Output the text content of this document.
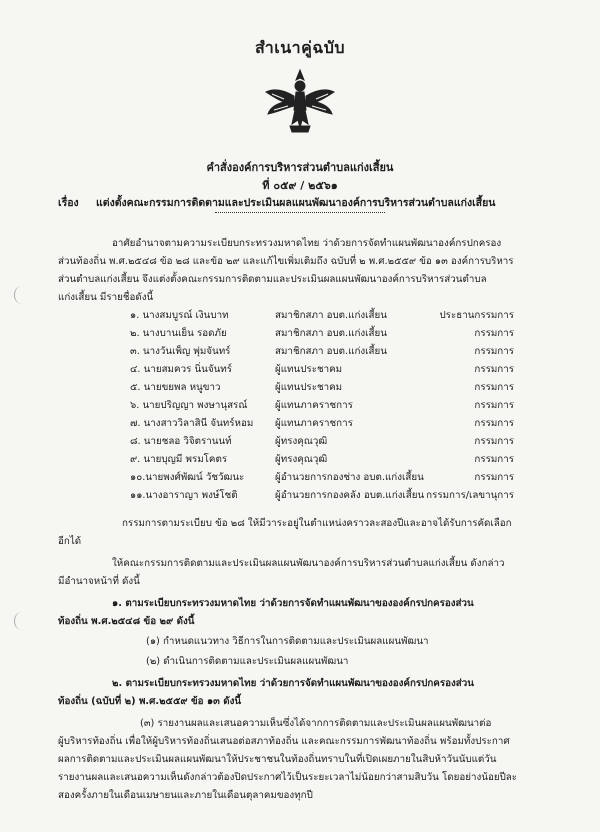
สำเนาคู่ฉบับ
คำสั่งองค์การบริหารส่วนตำบลแก่งเสี้ยน
ที่ ๐๕๙ / ๒๕๖๑
เรื่อง แต่งตั้งคณะกรรมการติดตามและประเมินผลแผนพัฒนาองค์การบริหารส่วนตำบลแก่งเสี้ยน
อาศัยอำนาจตามความระเบียบกระทรวงมหาดไทย ว่าด้วยการจัดทำแผนพัฒนาองค์กรปกครอง
ส่วนท้องถิ่น พ.ศ.๒๕๔๘ ข้อ ๒๘ และข้อ ๒๙ และแก้ไขเพิ่มเติมถึง ฉบับที่ ๒ พ.ศ.๒๕๕๙ ข้อ ๑๓ องค์การบริหาร
ส่วนตำบลแก่งเสี้ยน จึงแต่งตั้งคณะกรรมการติดตามและประเมินผลแผนพัฒนาองค์การบริหารส่วนตำบล
แก่งเสี้ยน มีรายชื่อดังนี้
๑. นางสมบูรณ์ เงินบาท	สมาชิกสภา อบต.แก่งเสี้ยน	ประธานกรรมการ
๒. นางบานเย็น รอดภัย	สมาชิกสภา อบต.แก่งเสี้ยน	กรรมการ
๓. นางวันเพ็ญ พุ่มจันทร์	สมาชิกสภา อบต.แก่งเสี้ยน	กรรมการ
๔. นายสมควร นิ่นจันทร์	ผู้แทนประชาคม	กรรมการ
๕. นายขยพล หนูขาว	ผู้แทนประชาคม	กรรมการ
๖. นายปริญญา พงษานุสรณ์	ผู้แทนภาคราชการ	กรรมการ
๗. นางสาววิลาสินี จันทร์หอม ผู้แทนภาคราชการ	กรรมการ
๘. นายชลอ วิจิตรานนท์	ผู้ทรงคุณวุฒิ	กรรมการ
๙. นายบุญมี พรมโคตร	ผู้ทรงคุณวุฒิ	กรรมการ
๑๐.นายพงศ์พัฒน์ วัชวัฒนะ	ผู้อำนวยการกองช่าง อบต.แก่งเสี้ยน	กรรมการ
๑๑.นางอาราญา พงษ์โชติ	ผู้อำนวยการกองคลัง อบต.แก่งเสี้ยน กรรมการ/เลขานุการ
กรรมการตามระเบียบ ข้อ ๒๘ ให้มีวาระอยู่ในตำแหน่งคราวละสองปีและอาจได้รับการคัดเลือก
อีกได้
ให้คณะกรรมการติดตามและประเมินผลแผนพัฒนาองค์การบริหารส่วนตำบลแก่งเสี้ยน ดังกล่าว
มีอำนาจหน้าที่ ดังนี้
๑. ตามระเบียบกระทรวงมหาดไทย ว่าด้วยการจัดทำแผนพัฒนาขององค์กรปกครองส่วน
ท้องถิ่น พ.ศ.๒๕๔๘ ข้อ ๒๙ ดังนี้
(๑) กำหนดแนวทาง วิธีการในการติดตามและประเมินผลแผนพัฒนา
(๒) ดำเนินการติดตามและประเมินผลแผนพัฒนา
๒. ตามระเบียบกระทรวงมหาดไทย ว่าด้วยการจัดทำแผนพัฒนาขององค์กรปกครองส่วน
ท้องถิ่น (ฉบับที่ ๒) พ.ศ.๒๕๕๙ ข้อ ๑๓ ดังนี้
(๓) รายงานผลและเสนอความเห็นซึ่งได้จากการติดตามและประเมินผลแผนพัฒนาต่อ
ผู้บริหารท้องถิ่น เพื่อให้ผู้บริหารท้องถิ่นเสนอต่อสภาท้องถิ่น และคณะกรรมการพัฒนาท้องถิ่น พร้อมทั้งประกาศ
ผลการติดตามและประเมินผลแผนพัฒนาให้ประชาชนในท้องถิ่นทราบในที่เปิดเผยภายในสิบห้าวันนับแต่วัน
รายงานผลและเสนอความเห็นดังกล่าวต้องปิดประกาศไว้เป็นระยะเวลาไม่น้อยกว่าสามสิบวัน โดยอย่างน้อยปีละ
สองครั้งภายในเดือนเมษายนและภายในเดือนตุลาคมของทุกปี
